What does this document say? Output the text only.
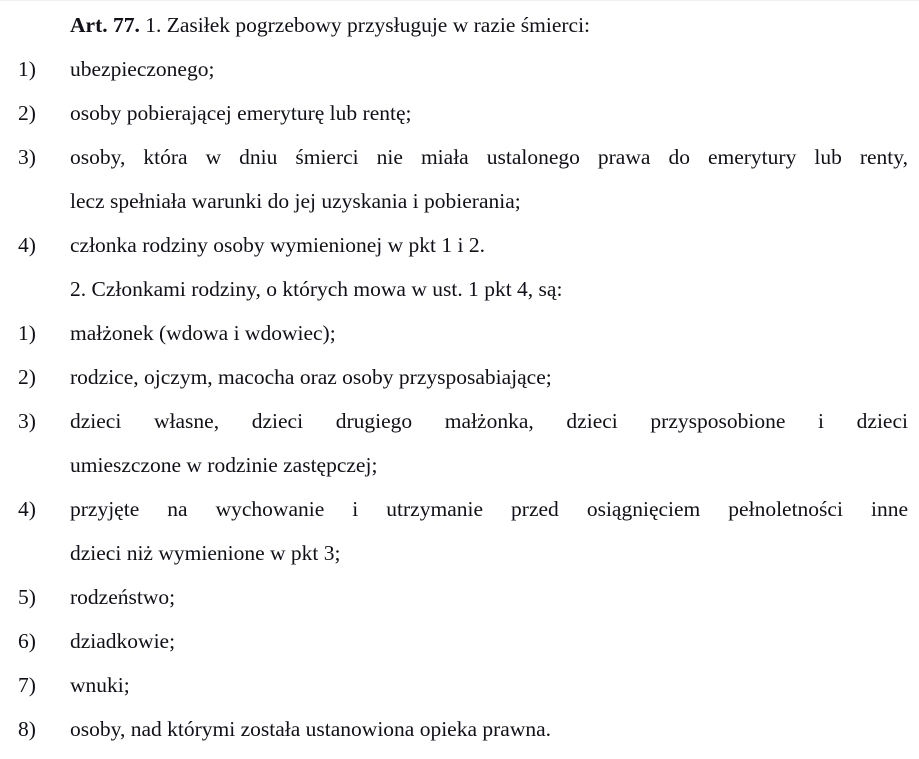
Art. 77. 1. Zasiłek pogrzebowy przysługuje w razie śmierci:

1)	ubezpieczonego;
2)	osoby pobierającej emeryturę lub rentę;
3)	osoby, która w dniu śmierci nie miała ustalonego prawa do emerytury lub renty,
lecz spełniała warunki do jej uzyskania i pobierania;
4)	członka rodziny osoby wymienionej w pkt 1 i 2.

2. Członkami rodziny, o których mowa w ust. 1 pkt 4, są:

1)	małżonek (wdowa i wdowiec);
2)	rodzice, ojczym, macocha oraz osoby przysposabiające;
3)	dzieci własne, dzieci drugiego małżonka, dzieci przysposobione i dzieci
umieszczone w rodzinie zastępczej;
4)	przyjęte na wychowanie i utrzymanie przed osiągnięciem pełnoletności inne
dzieci niż wymienione w pkt 3;
5)	rodzeństwo;
6)	dziadkowie;
7)	wnuki;
8)	osoby, nad którymi została ustanowiona opieka prawna.
